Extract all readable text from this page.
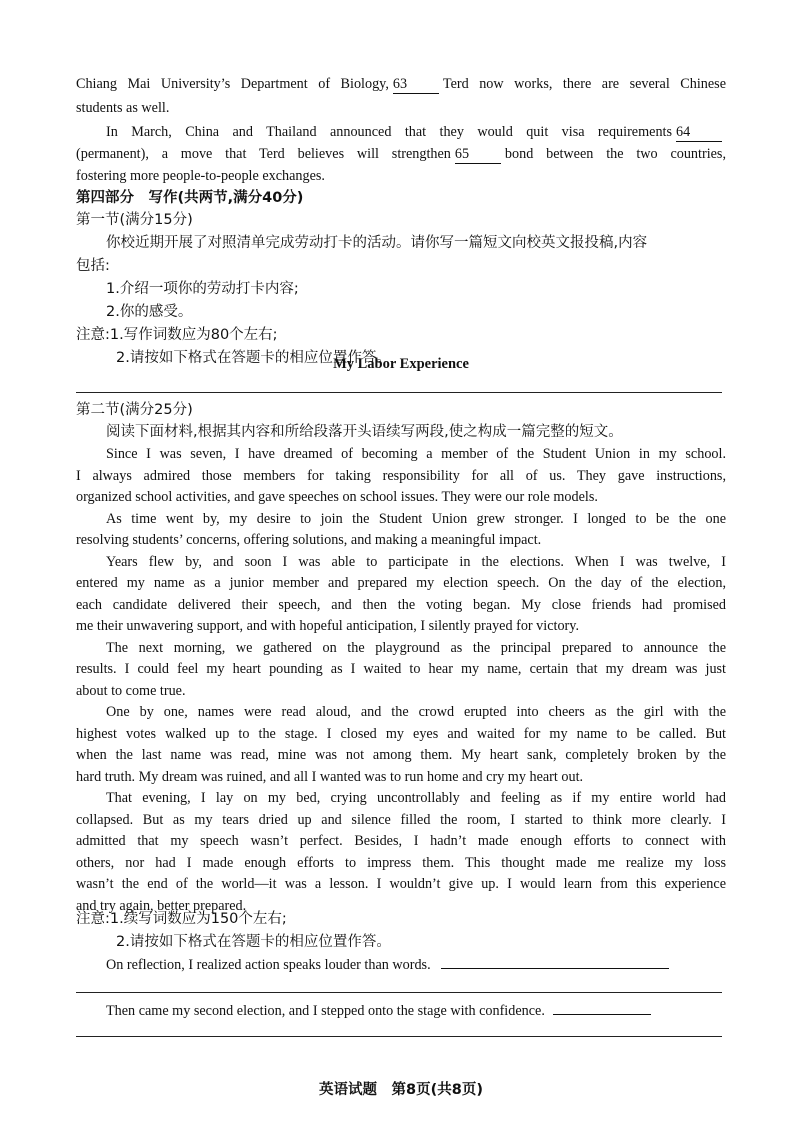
Chiang Mai University’s Department of Biology, 63	Terd now works, there are several Chinese
students as well.
In March, China and Thailand announced that they would quit visa requirements 64
(permanent), a move that Terd believes will strengthen 65	bond between the two countries,
fostering more people-to-people exchanges.
第四部分　写作(共两节,满分40分)
第一节(满分15分)
你校近期开展了对照清单完成劳动打卡的活动。请你写一篇短文向校英文报投稿,内容
包括:
1.介绍一项你的劳动打卡内容;
2.你的感受。
注意:1.写作词数应为80个左右;
2.请按如下格式在答题卡的相应位置作答。
My Labor Experience
第二节(满分25分)
阅读下面材料,根据其内容和所给段落开头语续写两段,使之构成一篇完整的短文。
Since I was seven, I have dreamed of becoming a member of the Student Union in my school.
I always admired those members for taking responsibility for all of us. They gave instructions,
organized school activities, and gave speeches on school issues. They were our role models.
As time went by, my desire to join the Student Union grew stronger. I longed to be the one
resolving students’ concerns, offering solutions, and making a meaningful impact.
Years flew by, and soon I was able to participate in the elections. When I was twelve, I
entered my name as a junior member and prepared my election speech. On the day of the election,
each candidate delivered their speech, and then the voting began. My close friends had promised
me their unwavering support, and with hopeful anticipation, I silently prayed for victory.
The next morning, we gathered on the playground as the principal prepared to announce the
results. I could feel my heart pounding as I waited to hear my name, certain that my dream was just
about to come true.
One by one, names were read aloud, and the crowd erupted into cheers as the girl with the
highest votes walked up to the stage. I closed my eyes and waited for my name to be called. But
when the last name was read, mine was not among them. My heart sank, completely broken by the
hard truth. My dream was ruined, and all I wanted was to run home and cry my heart out.
That evening, I lay on my bed, crying uncontrollably and feeling as if my entire world had
collapsed. But as my tears dried up and silence filled the room, I started to think more clearly. I
admitted that my speech wasn’t perfect. Besides, I hadn’t made enough efforts to connect with
others, nor had I made enough efforts to impress them. This thought made me realize my loss
wasn’t the end of the world—it was a lesson. I wouldn’t give up. I would learn from this experience
and try again, better prepared.
注意:1.续写词数应为150个左右;
2.请按如下格式在答题卡的相应位置作答。
On reflection, I realized action speaks louder than words.
Then came my second election, and I stepped onto the stage with confidence.
英语试题　第8页(共8页)
